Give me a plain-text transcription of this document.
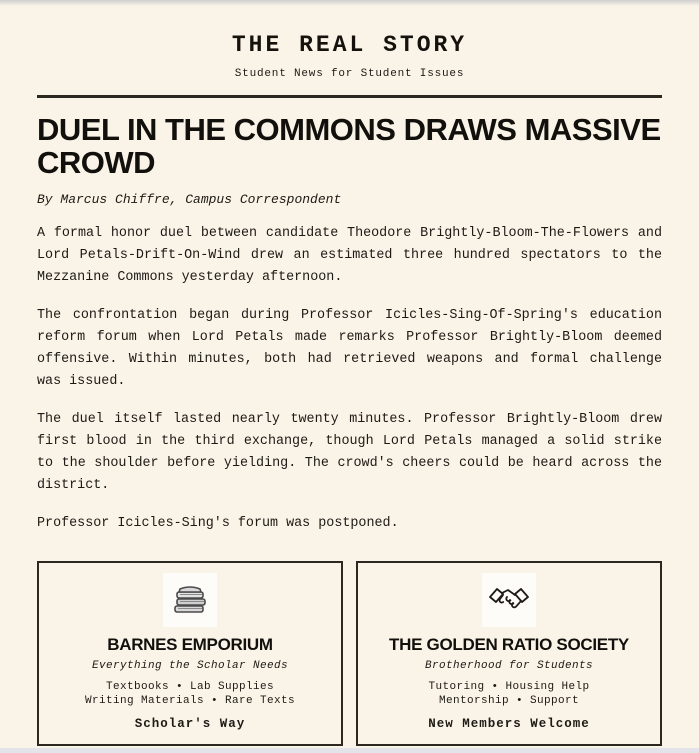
THE REAL STORY
Student News for Student Issues
DUEL IN THE COMMONS DRAWS MASSIVE CROWD
By Marcus Chiffre, Campus Correspondent

A formal honor duel between candidate Theodore Brightly-Bloom-The-Flowers and Lord Petals-Drift-On-Wind drew an estimated three hundred spectators to the Mezzanine Commons yesterday afternoon.

The confrontation began during Professor Icicles-Sing-Of-Spring's education reform forum when Lord Petals made remarks Professor Brightly-Bloom deemed offensive. Within minutes, both had retrieved weapons and formal challenge was issued.

The duel itself lasted nearly twenty minutes. Professor Brightly-Bloom drew first blood in the third exchange, though Lord Petals managed a solid strike to the shoulder before yielding. The crowd's cheers could be heard across the district.

Professor Icicles-Sing's forum was postponed.

BARNES EMPORIUM
Everything the Scholar Needs
Textbooks • Lab Supplies
Writing Materials • Rare Texts
Scholar's Way
THE GOLDEN RATIO SOCIETY
Brotherhood for Students
Tutoring • Housing Help
Mentorship • Support
New Members Welcome
